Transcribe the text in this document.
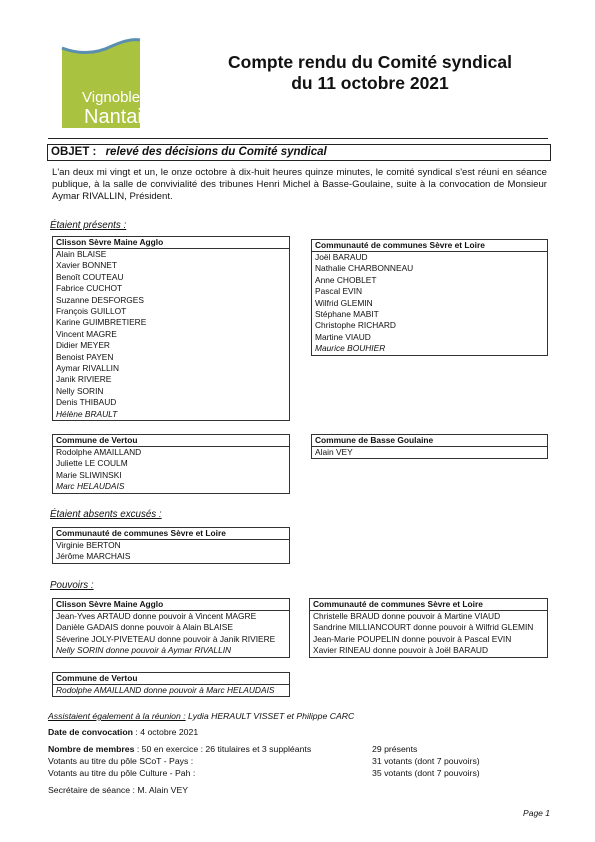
Vignoble
Nantais
Compte rendu du Comité syndical
du 11 octobre 2021
OBJET : relevé des décisions du Comité syndical
L'an deux mi vingt et un, le onze octobre à dix-huit heures quinze minutes, le comité syndical s'est réuni en séance publique, à la salle de convivialité des tribunes Henri Michel à Basse-Goulaine, suite à la convocation de Monsieur Aymar RIVALLIN, Président.
Étaient présents :
Clisson Sèvre Maine Agglo
Alain BLAISE
Xavier BONNET
Benoît COUTEAU
Fabrice CUCHOT
Suzanne DESFORGES
François GUILLOT
Karine GUIMBRETIERE
Vincent MAGRE
Didier MEYER
Benoist PAYEN
Aymar RIVALLIN
Janik RIVIERE
Nelly SORIN
Denis THIBAUD
Hélène BRAULT
Communauté de communes Sèvre et Loire
Joël BARAUD
Nathalie CHARBONNEAU
Anne CHOBLET
Pascal EVIN
Wilfrid GLEMIN
Stéphane MABIT
Christophe RICHARD
Martine VIAUD
Maurice BOUHIER
Commune de Vertou
Rodolphe AMAILLAND
Juliette LE COULM
Marie SLIWINSKI
Marc HELAUDAIS
Commune de Basse Goulaine
Alain VEY
Étaient absents excusés :
Communauté de communes Sèvre et Loire
Virginie BERTON
Jérôme MARCHAIS
Pouvoirs :
Clisson Sèvre Maine Agglo
Jean-Yves ARTAUD donne pouvoir à Vincent MAGRE
Danièle GADAIS donne pouvoir à Alain BLAISE
Séverine JOLY-PIVETEAU donne pouvoir à Janik RIVIERE
Nelly SORIN donne pouvoir à Aymar RIVALLIN
Communauté de communes Sèvre et Loire
Christelle BRAUD donne pouvoir à Martine VIAUD
Sandrine MILLIANCOURT donne pouvoir à Wilfrid GLEMIN
Jean-Marie POUPELIN donne pouvoir à Pascal EVIN
Xavier RINEAU donne pouvoir à Joël BARAUD
Commune de Vertou
Rodolphe AMAILLAND donne pouvoir à Marc HELAUDAIS
Assistaient également à la réunion : Lydia HERAULT VISSET et Philippe CARC
Date de convocation : 4 octobre 2021
Nombre de membres : 50 en exercice : 26 titulaires et 3 suppléants	29 présents
Votants au titre du pôle SCoT - Pays :	31 votants (dont 7 pouvoirs)
Votants au titre du pôle Culture - Pah :	35 votants (dont 7 pouvoirs)
Secrétaire de séance : M. Alain VEY
Page 1
